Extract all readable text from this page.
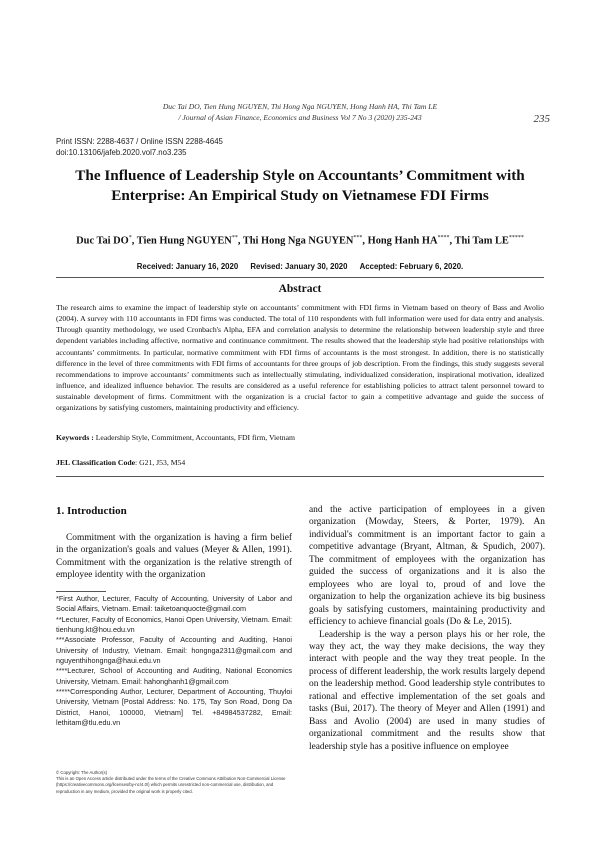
Duc Tai DO, Tien Hung NGUYEN, Thi Hong Nga NGUYEN, Hong Hanh HA, Thi Tam LE
/ Journal of Asian Finance, Economics and Business Vol 7 No 3 (2020) 235-243	235
Print ISSN: 2288-4637 / Online ISSN 2288-4645
doi:10.13106/jafeb.2020.vol7.no3.235
The Influence of Leadership Style on Accountants’ Commitment with
Enterprise: An Empirical Study on Vietnamese FDI Firms
Duc Tai DO*, Tien Hung NGUYEN**, Thi Hong Nga NGUYEN***, Hong Hanh HA****, Thi Tam LE*****
Received: January 16, 2020 Revised: January 30, 2020 Accepted: February 6, 2020.
Abstract
The research aims to examine the impact of leadership style on accountants’ commitment with FDI firms in Vietnam based on theory of Bass and Avolio (2004). A survey with 110 accountants in FDI firms was conducted. The total of 110 respondents with full information were used for data entry and analysis. Through quantity methodology, we used Cronbach's Alpha, EFA and correlation analysis to determine the relationship between leadership style and three dependent variables including affective, normative and continuance commitment. The results showed that the leadership style had positive relationships with accountants’ commitments. In particular, normative commitment with FDI firms of accountants is the most strongest. In addition, there is no statistically difference in the level of three commitments with FDI firms of accountants for three groups of job description. From the findings, this study suggests several recommendations to improve accountants’ commitments such as intellectually stimulating, individualized consideration, inspirational motivation, idealized influence, and idealized influence behavior. The results are considered as a useful reference for establishing policies to attract talent personnel toward to sustainable development of firms. Commitment with the organization is a crucial factor to gain a competitive advantage and guide the success of organizations by satisfying customers, maintaining productivity and efficiency.
Keywords : Leadership Style, Commitment, Accountants, FDI firm, Vietnam
JEL Classification Code: G21, J53, M54
1. Introduction

Commitment with the organization is having a firm belief in the organization's goals and values (Meyer & Allen, 1991). Commitment with the organization is the relative strength of employee identity with the organization

and the active participation of employees in a given organization (Mowday, Steers, & Porter, 1979). An individual's commitment is an important factor to gain a competitive advantage (Bryant, Altman, & Spudich, 2007). The commitment of employees with the organization has guided the success of organizations and it is also the employees who are loyal to, proud of and love the organization to help the organization achieve its big business goals by satisfying customers, maintaining productivity and efficiency to achieve financial goals (Do & Le, 2015).

Leadership is the way a person plays his or her role, the way they act, the way they make decisions, the way they interact with people and the way they treat people. In the process of different leadership, the work results largely depend on the leadership method. Good leadership style contributes to rational and effective implementation of the set goals and tasks (Bui, 2017). The theory of Meyer and Allen (1991) and Bass and Avolio (2004) are used in many studies of organizational commitment and the results show that leadership style has a positive influence on employee

*First Author, Lecturer, Faculty of Accounting, University of Labor and Social Affairs, Vietnam. Email: taiketoanquocte@gmail.com
**Lecturer, Faculty of Economics, Hanoi Open University, Vietnam. Email: tienhung.kt@hou.edu.vn
***Associate Professor, Faculty of Accounting and Auditing, Hanoi University of Industry, Vietnam. Email: hongnga2311@gmail.com and nguyenthihongnga@haui.edu.vn
****Lecturer, School of Accounting and Auditing, National Economics University, Vietnam. Email: hahonghanh1@gmail.com
*****Corresponding Author, Lecturer, Department of Accounting, Thuyloi University, Vietnam [Postal Address: No. 175, Tay Son Road, Dong Da District, Hanoi, 100000, Vietnam] Tel. +84984537282, Email: lethitam@tlu.edu.vn
© Copyright: The Author(s)
This is an Open Access article distributed under the terms of the Creative Commons Attribution Non-Commercial License (https://creativecommons.org/licenses/by-nc/4.0/) which permits unrestricted non-commercial use, distribution, and reproduction in any medium, provided the original work is properly cited.
